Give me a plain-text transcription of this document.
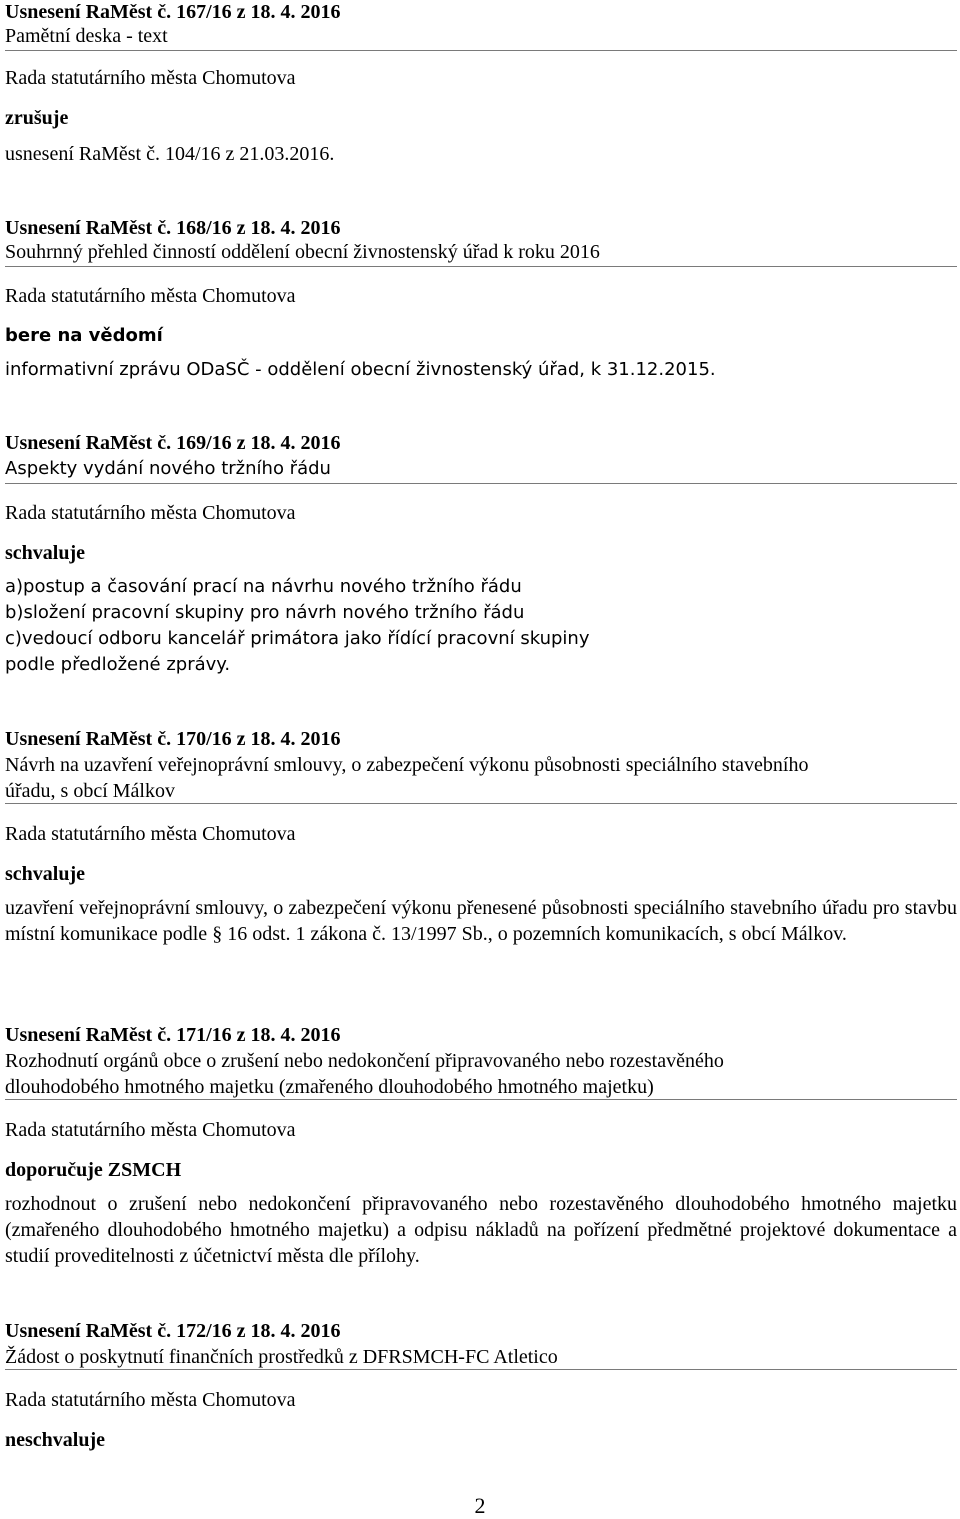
Usnesení RaMěst č. 167/16 z 18. 4. 2016
Pamětní deska - text
Rada statutárního města Chomutova
zrušuje
usnesení RaMěst č. 104/16 z 21.03.2016.
Usnesení RaMěst č. 168/16 z 18. 4. 2016
Souhrnný přehled činností oddělení obecní živnostenský úřad k roku 2016
Rada statutárního města Chomutova
bere na vědomí
informativní zprávu ODaSČ - oddělení obecní živnostenský úřad, k 31.12.2015.
Usnesení RaMěst č. 169/16 z 18. 4. 2016
Aspekty vydání nového tržního řádu
Rada statutárního města Chomutova
schvaluje
a)postup a časování prací na návrhu nového tržního řádu
b)složení pracovní skupiny pro návrh nového tržního řádu
c)vedoucí odboru kancelář primátora jako řídící pracovní skupiny
podle předložené zprávy.
Usnesení RaMěst č. 170/16 z 18. 4. 2016
Návrh na uzavření veřejnoprávní smlouvy, o zabezpečení výkonu působnosti speciálního stavebního
úřadu, s obcí Málkov
Rada statutárního města Chomutova
schvaluje
uzavření veřejnoprávní smlouvy, o zabezpečení výkonu přenesené působnosti speciálního stavebního úřadu pro stavbu místní komunikace podle § 16 odst. 1 zákona č. 13/1997 Sb., o pozemních komunikacích, s obcí Málkov.
Usnesení RaMěst č. 171/16 z 18. 4. 2016
Rozhodnutí orgánů obce o zrušení nebo nedokončení připravovaného nebo rozestavěného
dlouhodobého hmotného majetku (zmařeného dlouhodobého hmotného majetku)
Rada statutárního města Chomutova
doporučuje ZSMCH
rozhodnout o zrušení nebo nedokončení připravovaného nebo rozestavěného dlouhodobého hmotného majetku (zmařeného dlouhodobého hmotného majetku) a odpisu nákladů na pořízení předmětné projektové dokumentace a studií proveditelnosti z účetnictví města dle přílohy.
Usnesení RaMěst č. 172/16 z 18. 4. 2016
Žádost o poskytnutí finančních prostředků z DFRSMCH-FC Atletico
Rada statutárního města Chomutova
neschvaluje
2
